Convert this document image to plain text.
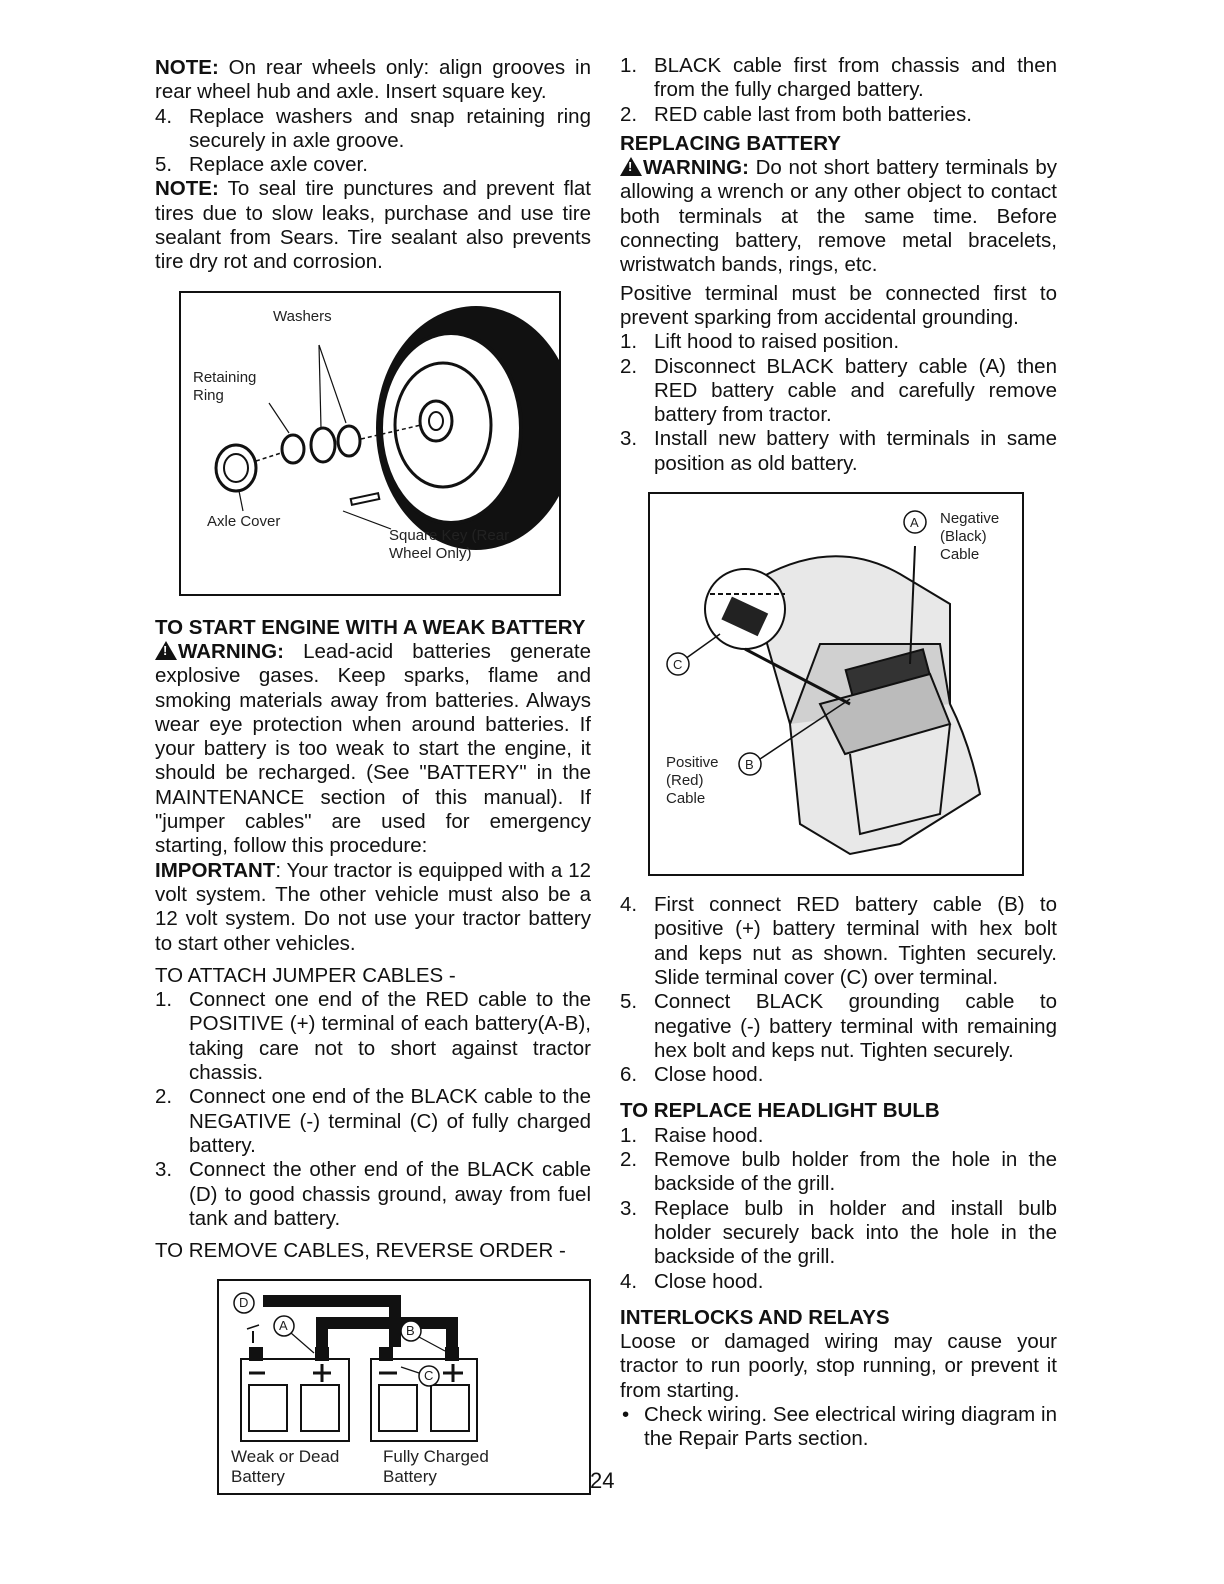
NOTE: On rear wheels only: align grooves in rear wheel hub and axle. Insert square key.

4. Replace washers and snap retaining ring securely in axle groove.
5. Replace axle cover.

NOTE: To seal tire punctures and prevent flat tires due to slow leaks, purchase and use tire sealant from Sears. Tire sealant also prevents tire dry rot and corrosion.

Washers
Retaining Ring
Axle Cover
Square Key (Rear Wheel Only)
TO START ENGINE WITH A WEAK BATTERY

!WARNING: Lead-acid batteries generate explosive gases. Keep sparks, flame and smoking materials away from batteries. Always wear eye protection when around batteries. If your battery is too weak to start the engine, it should be recharged. (See "BATTERY" in the MAINTENANCE section of this manual). If "jumper cables" are used for emergency starting, follow this procedure:

IMPORTANT: Your tractor is equipped with a 12 volt system. The other vehicle must also be a 12 volt system. Do not use your tractor battery to start other vehicles.

TO ATTACH JUMPER CABLES -

1. Connect one end of the RED cable to the POSITIVE (+) terminal of each battery(A-B), taking care not to short against tractor chassis.
2. Connect one end of the BLACK cable to the NEGATIVE (-) terminal (C) of fully charged battery.
3. Connect the other end of the BLACK cable (D) to good chassis ground, away from fuel tank and battery.

TO REMOVE CABLES, REVERSE ORDER -

D
A	B
C
Weak or Dead Battery
Fully Charged Battery
1. BLACK cable first from chassis and then from the fully charged battery.
2. RED cable last from both batteries.
REPLACING BATTERY

!WARNING: Do not short battery terminals by allowing a wrench or any other object to contact both terminals at the same time. Before connecting battery, remove metal bracelets, wristwatch bands, rings, etc.

Positive terminal must be connected first to prevent sparking from accidental grounding.

1. Lift hood to raised position.
2. Disconnect BLACK battery cable (A) then RED battery cable and carefully remove battery from tractor.
3. Install new battery with terminals in same position as old battery.
A
C
B
Negative (Black) Cable
Positive (Red) Cable
4. First connect RED battery cable (B) to positive (+) battery terminal with hex bolt and keps nut as shown. Tighten securely. Slide terminal cover (C) over terminal.
5. Connect BLACK grounding cable to negative (-) battery terminal with remaining hex bolt and keps nut. Tighten securely.
6. Close hood.
TO REPLACE HEADLIGHT BULB
1. Raise hood.
2. Remove bulb holder from the hole in the backside of the grill.
3. Replace bulb in holder and install bulb holder securely back into the hole in the backside of the grill.
4. Close hood.
INTERLOCKS AND RELAYS

Loose or damaged wiring may cause your tractor to run poorly, stop running, or prevent it from starting.

• Check wiring. See electrical wiring diagram in the Repair Parts section.
24
